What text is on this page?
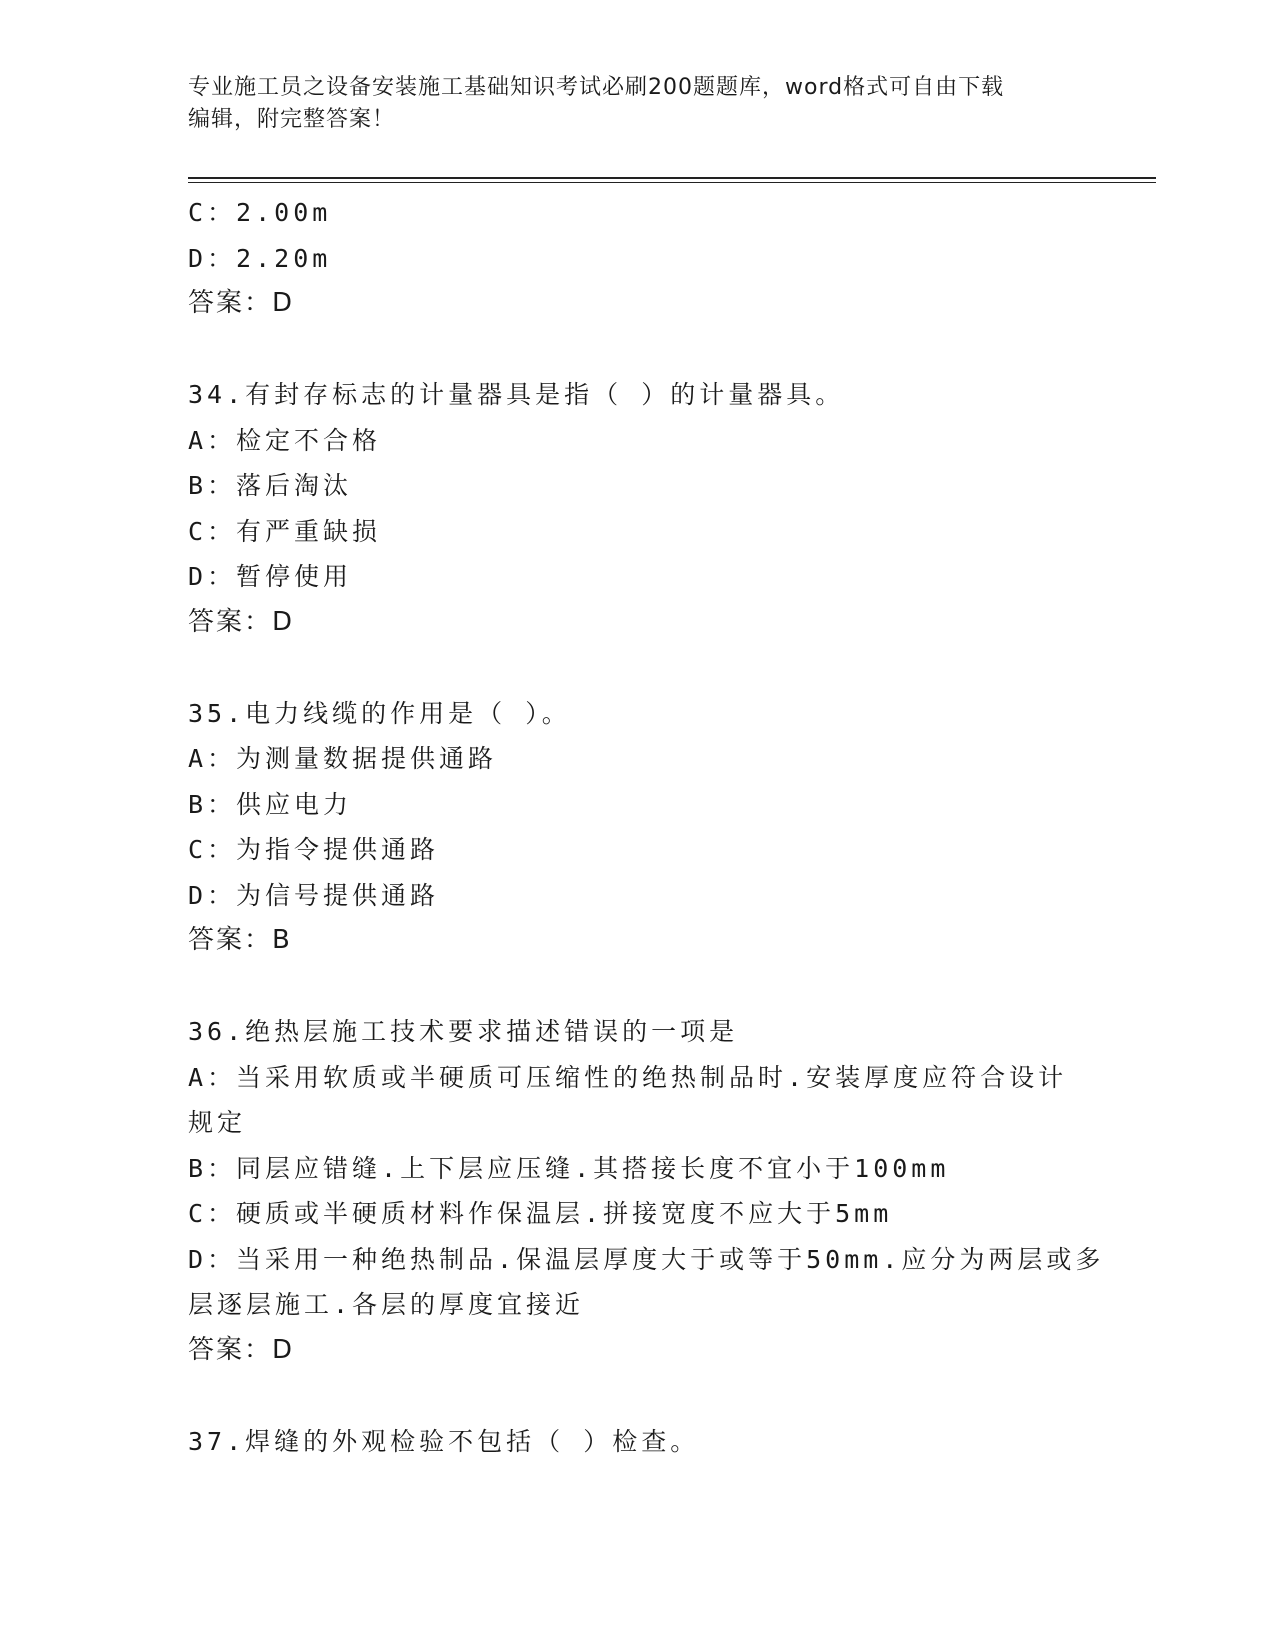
专业施工员之设备安装施工基础知识考试必刷200题题库，word格式可自由下载
编辑，附完整答案！
C：2.00m
D：2.20m
答案：D
34.有封存标志的计量器具是指（ ）的计量器具。
A：检定不合格
B：落后淘汰
C：有严重缺损
D：暂停使用
答案：D
35.电力线缆的作用是（ ）。
A：为测量数据提供通路
B：供应电力
C：为指令提供通路
D：为信号提供通路
答案：B
36.绝热层施工技术要求描述错误的一项是
A：当采用软质或半硬质可压缩性的绝热制品时.安装厚度应符合设计
规定
B：同层应错缝.上下层应压缝.其搭接长度不宜小于100mm
C：硬质或半硬质材料作保温层.拼接宽度不应大于5mm
D：当采用一种绝热制品.保温层厚度大于或等于50mm.应分为两层或多
层逐层施工.各层的厚度宜接近
答案：D
37.焊缝的外观检验不包括（ ）检查。
